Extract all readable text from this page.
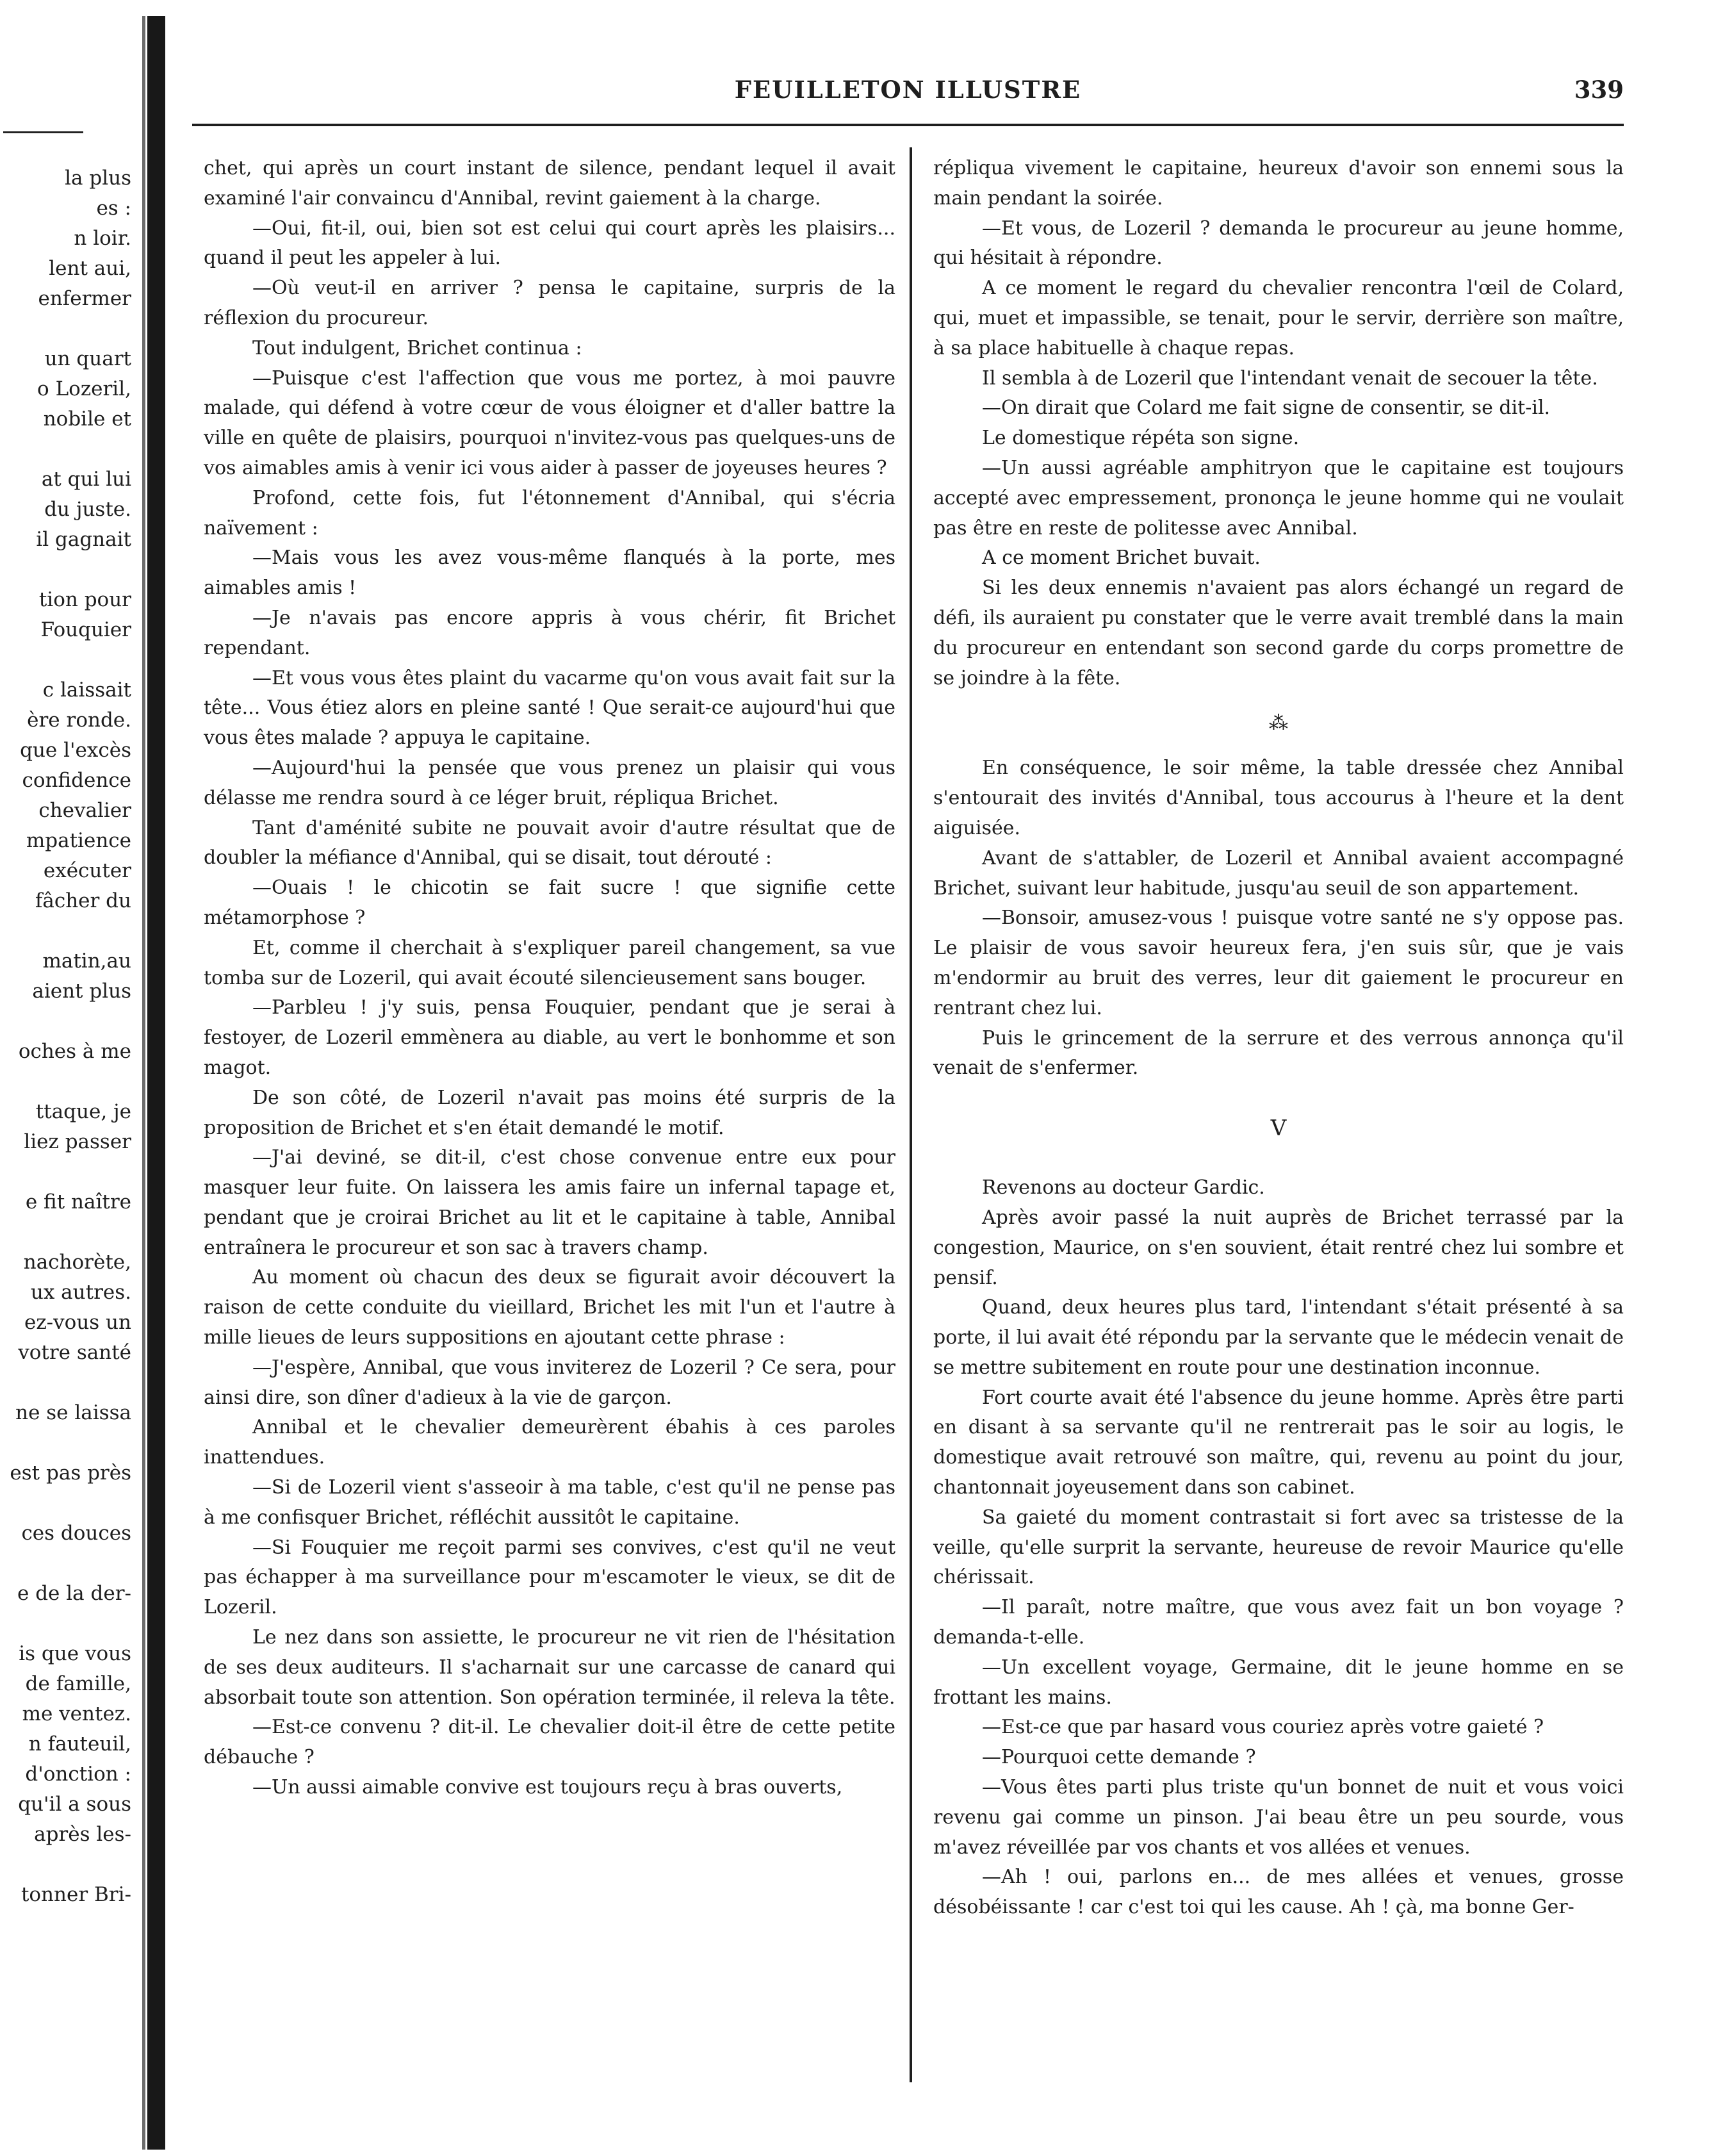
la plus
es :
n loir.
lent aui,
enfermer
un quart
o Lozeril,
nobile et
at qui lui
du juste.
il gagnait
tion pour
Fouquier
c laissait
ère ronde.
que l'excès
confidence
chevalier
mpatience
exécuter
fâcher du
matin,au
aient plus
oches à me
ttaque, je
liez passer
e fit naître
nachorète,
ux autres.
ez-vous un
votre santé
ne se laissa
est pas près
ces douces
e de la der-
is que vous
de famille,
me ventez.
n fauteuil,
d'onction :
qu'il a sous
après les-
tonner Bri-
FEUILLETON ILLUSTRE	339

chet, qui après un court instant de silence, pendant lequel il avait examiné l'air convaincu d'Annibal, revint gaiement à la charge.

—Oui, fit-il, oui, bien sot est celui qui court après les plaisirs... quand il peut les appeler à lui.

—Où veut-il en arriver ? pensa le capitaine, surpris de la réflexion du procureur.

Tout indulgent, Brichet continua :

—Puisque c'est l'affection que vous me portez, à moi pauvre malade, qui défend à votre cœur de vous éloigner et d'aller battre la ville en quête de plaisirs, pourquoi n'invitez-vous pas quelques-uns de vos aimables amis à venir ici vous aider à passer de joyeuses heures ?

Profond, cette fois, fut l'étonnement d'Annibal, qui s'écria naïvement :

—Mais vous les avez vous-même flanqués à la porte, mes aimables amis !

—Je n'avais pas encore appris à vous chérir, fit Brichet rependant.

—Et vous vous êtes plaint du vacarme qu'on vous avait fait sur la tête... Vous étiez alors en pleine santé ! Que serait-ce aujourd'hui que vous êtes malade ? appuya le capitaine.

—Aujourd'hui la pensée que vous prenez un plaisir qui vous délasse me rendra sourd à ce léger bruit, répliqua Brichet.

Tant d'aménité subite ne pouvait avoir d'autre résultat que de doubler la méfiance d'Annibal, qui se disait, tout dérouté :

—Ouais ! le chicotin se fait sucre ! que signifie cette métamorphose ?

Et, comme il cherchait à s'expliquer pareil changement, sa vue tomba sur de Lozeril, qui avait écouté silencieusement sans bouger.

—Parbleu ! j'y suis, pensa Fouquier, pendant que je serai à festoyer, de Lozeril emmènera au diable, au vert le bonhomme et son magot.

De son côté, de Lozeril n'avait pas moins été surpris de la proposition de Brichet et s'en était demandé le motif.

—J'ai deviné, se dit-il, c'est chose convenue entre eux pour masquer leur fuite. On laissera les amis faire un infernal tapage et, pendant que je croirai Brichet au lit et le capitaine à table, Annibal entraînera le procureur et son sac à travers champ.

Au moment où chacun des deux se figurait avoir découvert la raison de cette conduite du vieillard, Brichet les mit l'un et l'autre à mille lieues de leurs suppositions en ajoutant cette phrase :

—J'espère, Annibal, que vous inviterez de Lozeril ? Ce sera, pour ainsi dire, son dîner d'adieux à la vie de garçon.

Annibal et le chevalier demeurèrent ébahis à ces paroles inattendues.

—Si de Lozeril vient s'asseoir à ma table, c'est qu'il ne pense pas à me confisquer Brichet, réfléchit aussitôt le capitaine.

—Si Fouquier me reçoit parmi ses convives, c'est qu'il ne veut pas échapper à ma surveillance pour m'escamoter le vieux, se dit de Lozeril.

Le nez dans son assiette, le procureur ne vit rien de l'hésitation de ses deux auditeurs. Il s'acharnait sur une carcasse de canard qui absorbait toute son attention. Son opération terminée, il releva la tête.

—Est-ce convenu ? dit-il. Le chevalier doit-il être de cette petite débauche ?

—Un aussi aimable convive est toujours reçu à bras ouverts,

répliqua vivement le capitaine, heureux d'avoir son ennemi sous la main pendant la soirée.

—Et vous, de Lozeril ? demanda le procureur au jeune homme, qui hésitait à répondre.

A ce moment le regard du chevalier rencontra l'œil de Colard, qui, muet et impassible, se tenait, pour le servir, derrière son maître, à sa place habituelle à chaque repas.

Il sembla à de Lozeril que l'intendant venait de secouer la tête.

—On dirait que Colard me fait signe de consentir, se dit-il.

Le domestique répéta son signe.

—Un aussi agréable amphitryon que le capitaine est toujours accepté avec empressement, prononça le jeune homme qui ne voulait pas être en reste de politesse avec Annibal.

A ce moment Brichet buvait.

Si les deux ennemis n'avaient pas alors échangé un regard de défi, ils auraient pu constater que le verre avait tremblé dans la main du procureur en entendant son second garde du corps promettre de se joindre à la fête.

⁂

En conséquence, le soir même, la table dressée chez Annibal s'entourait des invités d'Annibal, tous accourus à l'heure et la dent aiguisée.

Avant de s'attabler, de Lozeril et Annibal avaient accompagné Brichet, suivant leur habitude, jusqu'au seuil de son appartement.

—Bonsoir, amusez-vous ! puisque votre santé ne s'y oppose pas. Le plaisir de vous savoir heureux fera, j'en suis sûr, que je vais m'endormir au bruit des verres, leur dit gaiement le procureur en rentrant chez lui.

Puis le grincement de la serrure et des verrous annonça qu'il venait de s'enfermer.

V

Revenons au docteur Gardic.

Après avoir passé la nuit auprès de Brichet terrassé par la congestion, Maurice, on s'en souvient, était rentré chez lui sombre et pensif.

Quand, deux heures plus tard, l'intendant s'était présenté à sa porte, il lui avait été répondu par la servante que le médecin venait de se mettre subitement en route pour une destination inconnue.

Fort courte avait été l'absence du jeune homme. Après être parti en disant à sa servante qu'il ne rentrerait pas le soir au logis, le domestique avait retrouvé son maître, qui, revenu au point du jour, chantonnait joyeusement dans son cabinet.

Sa gaieté du moment contrastait si fort avec sa tristesse de la veille, qu'elle surprit la servante, heureuse de revoir Maurice qu'elle chérissait.

—Il paraît, notre maître, que vous avez fait un bon voyage ? demanda-t-elle.

—Un excellent voyage, Germaine, dit le jeune homme en se frottant les mains.

—Est-ce que par hasard vous couriez après votre gaieté ?

—Pourquoi cette demande ?

—Vous êtes parti plus triste qu'un bonnet de nuit et vous voici revenu gai comme un pinson. J'ai beau être un peu sourde, vous m'avez réveillée par vos chants et vos allées et venues.

—Ah ! oui, parlons en... de mes allées et venues, grosse désobéissante ! car c'est toi qui les cause. Ah ! çà, ma bonne Ger-
